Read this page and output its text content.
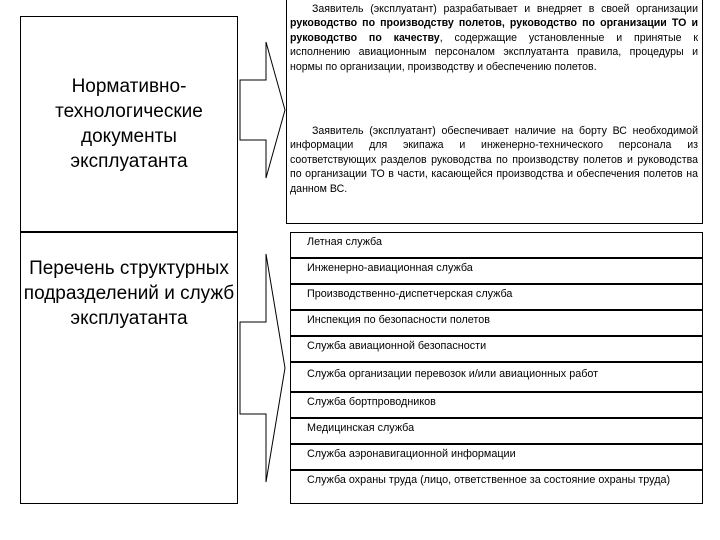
Нормативно-технологические документы эксплуатанта
Перечень структурных подразделений и служб эксплуатанта
Заявитель (эксплуатант) разрабатывает и внедряет в своей организации руководство по производству полетов, руководство по организации ТО и руководство по качеству, содержащие установленные и принятые к исполнению авиационным персоналом эксплуатанта правила, процедуры и нормы по организации, производству и обеспечению полетов.
Заявитель (эксплуатант) обеспечивает наличие на борту ВС необходимой информации для экипажа и инженерно-технического персонала из соответствующих разделов руководства по производству полетов и руководства по организации ТО в части, касающейся производства и обеспечения полетов на данном ВС.
Летная служба
Инженерно-авиационная служба
Производственно-диспетчерская служба
Инспекция по безопасности полетов
Служба авиационной безопасности
Служба организации перевозок и/или авиационных работ
Служба бортпроводников
Медицинская служба
Служба аэронавигационной информации
Служба охраны труда (лицо, ответственное за состояние охраны труда)
